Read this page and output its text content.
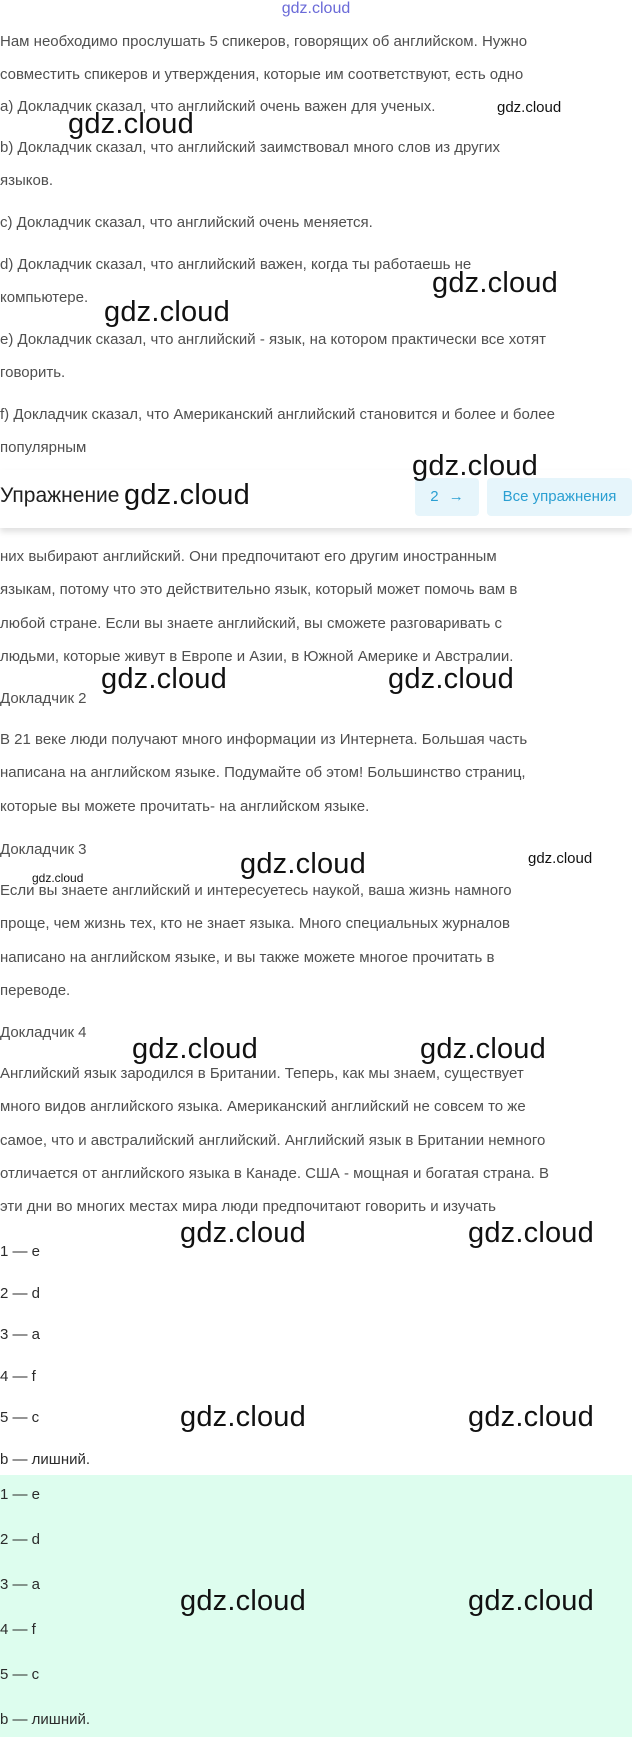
gdz.cloud
Нам необходимо прослушать 5 спикеров, говорящих об английском. Нужно
совместить спикеров и утверждения, которые им соответствуют, есть одно
a) Докладчик сказал, что английский очень важен для ученых.
b) Докладчик сказал, что английский заимствовал много слов из других
языков.
c) Докладчик сказал, что английский очень меняется.
d) Докладчик сказал, что английский важен, когда ты работаешь не
компьютере.
e) Докладчик сказал, что английский - язык, на котором практически все хотят
говорить.
f) Докладчик сказал, что Американский английский становится и более и более
популярным
Упражнение	2 →	Все упражнения
них выбирают английский. Они предпочитают его другим иностранным
языкам, потому что это действительно язык, который может помочь вам в
любой стране. Если вы знаете английский, вы сможете разговаривать с
людьми, которые живут в Европе и Азии, в Южной Америке и Австралии.
Докладчик 2
В 21 веке люди получают много информации из Интернета. Большая часть
написана на английском языке. Подумайте об этом! Большинство страниц,
которые вы можете прочитать- на английском языке.
Докладчик 3
Если вы знаете английский и интересуетесь наукой, ваша жизнь намного
проще, чем жизнь тех, кто не знает языка. Много специальных журналов
написано на английском языке, и вы также можете многое прочитать в
переводе.
Докладчик 4
Английский язык зародился в Британии. Теперь, как мы знаем, существует
много видов английского языка. Американский английский не совсем то же
самое, что и австралийский английский. Английский язык в Британии немного
отличается от английского языка в Канаде. США - мощная и богатая страна. В
эти дни во многих местах мира люди предпочитают говорить и изучать
1 — e
2 — d
3 — a
4 — f
5 — c
b — лишний.
1 — e
2 — d
3 — a
4 — f
5 — c
b — лишний.
gdz.cloud
gdz.cloud
gdz.cloud
gdz.cloud
gdz.cloud
gdz.cloud
gdz.cloud	gdz.cloud
gdz.cloud	gdz.cloud
gdz.cloud
gdz.cloud	gdz.cloud
gdz.cloud	gdz.cloud
gdz.cloud	gdz.cloud
gdz.cloud	gdz.cloud
